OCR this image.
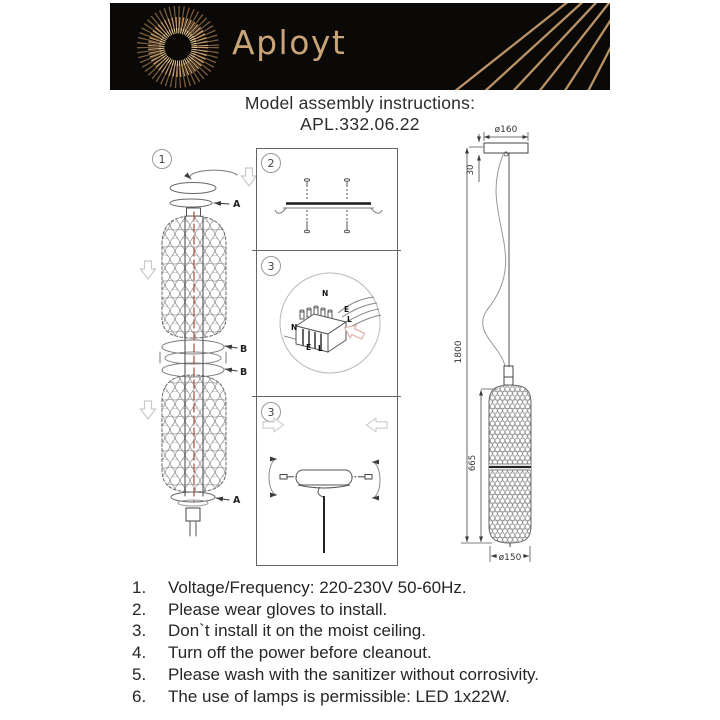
Aployt
Model assembly instructions:
APL.332.06.22
1
A
B
B
A
2
3
N
E
L
N
E L
3
ø160
30
1800
665
ø150
1.	Voltage/Frequency: 220-230V 50-60Hz.
2.	Please wear gloves to install.
3.	Don`t install it on the moist ceiling.
4.	Turn off the power before cleanout.
5.	Please wash with the sanitizer without corrosivity.
6.	The use of lamps is permissible: LED 1x22W.
